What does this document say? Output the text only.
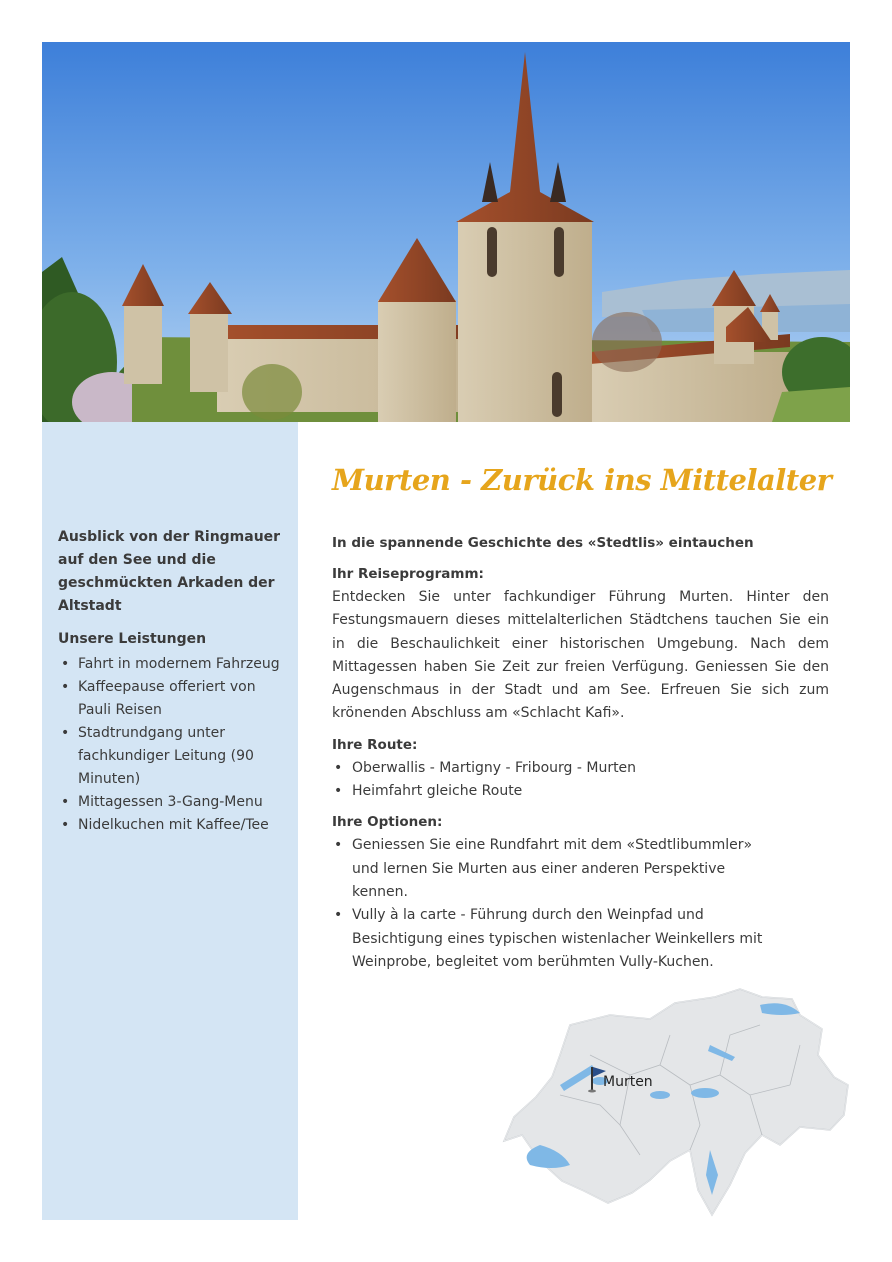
Ausblick von der Ringmauer auf den See und die geschmückten Arkaden der Altstadt
Unsere Leistungen
• Fahrt in modernem Fahrzeug
• Kaffeepause offeriert von Pauli Reisen
• Stadtrundgang unter fachkundiger Leitung (90 Minuten)
• Mittagessen 3-Gang-Menu
• Nidelkuchen mit Kaffee/Tee
Murten - Zurück ins Mittelalter
In die spannende Geschichte des «Stedtlis» eintauchen
Ihr Reiseprogramm:
Entdecken Sie unter fachkundiger Führung Murten. Hinter den Festungsmauern dieses mittelalterlichen Städtchens tauchen Sie ein in die Beschaulichkeit einer historischen Umgebung. Nach dem Mittagessen haben Sie Zeit zur freien Verfügung. Geniessen Sie den Augenschmaus in der Stadt und am See. Erfreuen Sie sich zum krönenden Abschluss am «Schlacht Kafi».
Ihre Route:
• Oberwallis - Martigny - Fribourg - Murten
• Heimfahrt gleiche Route
Ihre Optionen:
• Geniessen Sie eine Rundfahrt mit dem «Stedtlibummler» und lernen Sie Murten aus einer anderen Perspektive kennen.
• Vully à la carte - Führung durch den Weinpfad und Besichtigung eines typischen wistenlacher Weinkellers mit Weinprobe, begleitet vom berühmten Vully-Kuchen.
Murten
